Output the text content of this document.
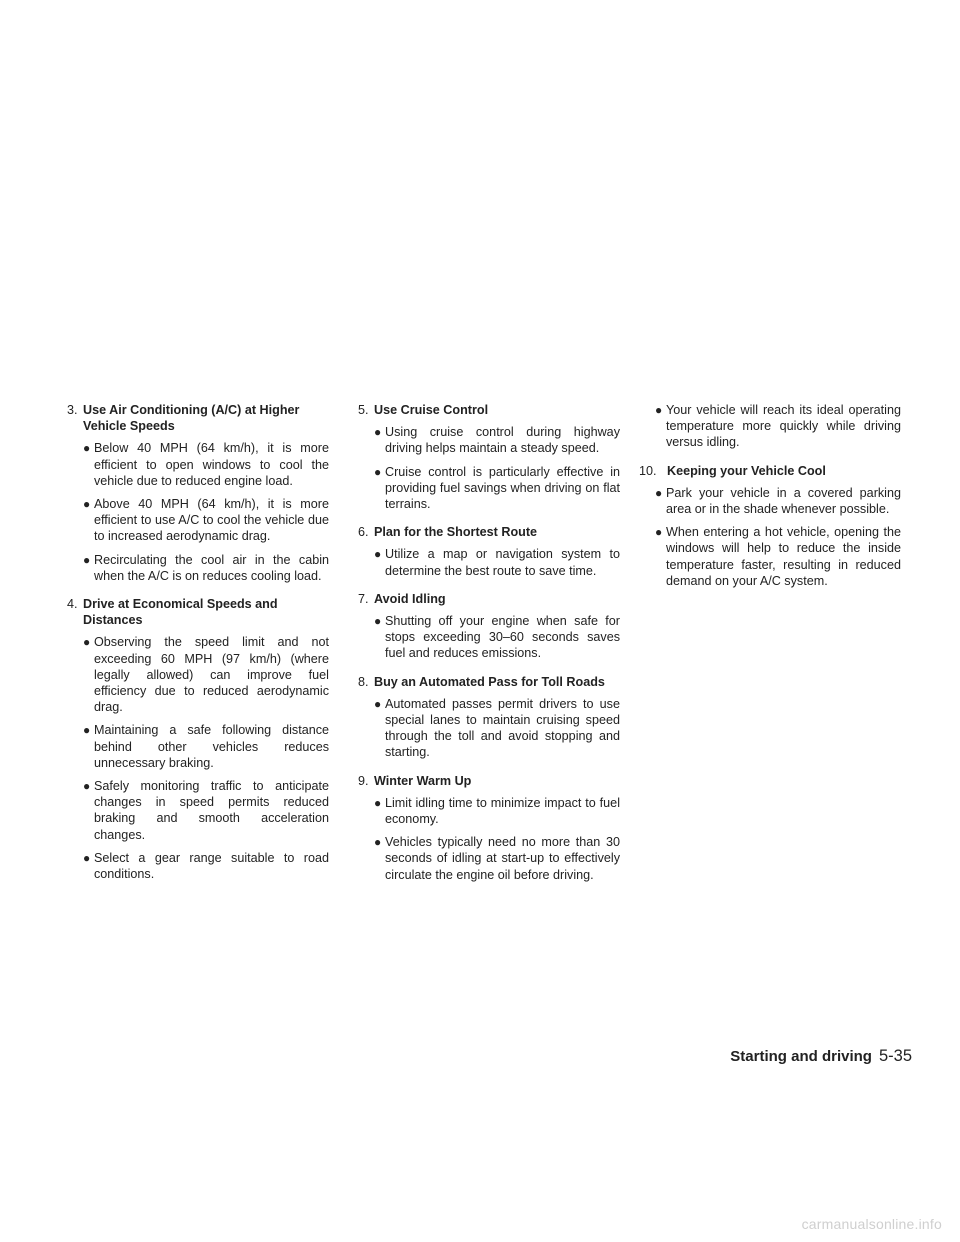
3. Use Air Conditioning (A/C) at Higher Vehicle Speeds
● Below 40 MPH (64 km/h), it is more efficient to open windows to cool the vehicle due to reduced engine load.
● Above 40 MPH (64 km/h), it is more efficient to use A/C to cool the vehicle due to increased aerodynamic drag.
● Recirculating the cool air in the cabin when the A/C is on reduces cooling load.
4. Drive at Economical Speeds and Distances
● Observing the speed limit and not exceeding 60 MPH (97 km/h) (where legally allowed) can improve fuel efficiency due to reduced aerodynamic drag.
● Maintaining a safe following distance behind other vehicles reduces unnecessary braking.
● Safely monitoring traffic to anticipate changes in speed permits reduced braking and smooth acceleration changes.
● Select a gear range suitable to road conditions.
5. Use Cruise Control
● Using cruise control during highway driving helps maintain a steady speed.
● Cruise control is particularly effective in providing fuel savings when driving on flat terrains.
6. Plan for the Shortest Route
● Utilize a map or navigation system to determine the best route to save time.
7. Avoid Idling
● Shutting off your engine when safe for stops exceeding 30–60 seconds saves fuel and reduces emissions.
8. Buy an Automated Pass for Toll Roads
● Automated passes permit drivers to use special lanes to maintain cruising speed through the toll and avoid stopping and starting.
9. Winter Warm Up
● Limit idling time to minimize impact to fuel economy.
● Vehicles typically need no more than 30 seconds of idling at start-up to effectively circulate the engine oil before driving.
● Your vehicle will reach its ideal operating temperature more quickly while driving versus idling.
10. Keeping your Vehicle Cool
● Park your vehicle in a covered parking area or in the shade whenever possible.
● When entering a hot vehicle, opening the windows will help to reduce the inside temperature faster, resulting in reduced demand on your A/C system.
Starting and driving 5-35
carmanualsonline.info
